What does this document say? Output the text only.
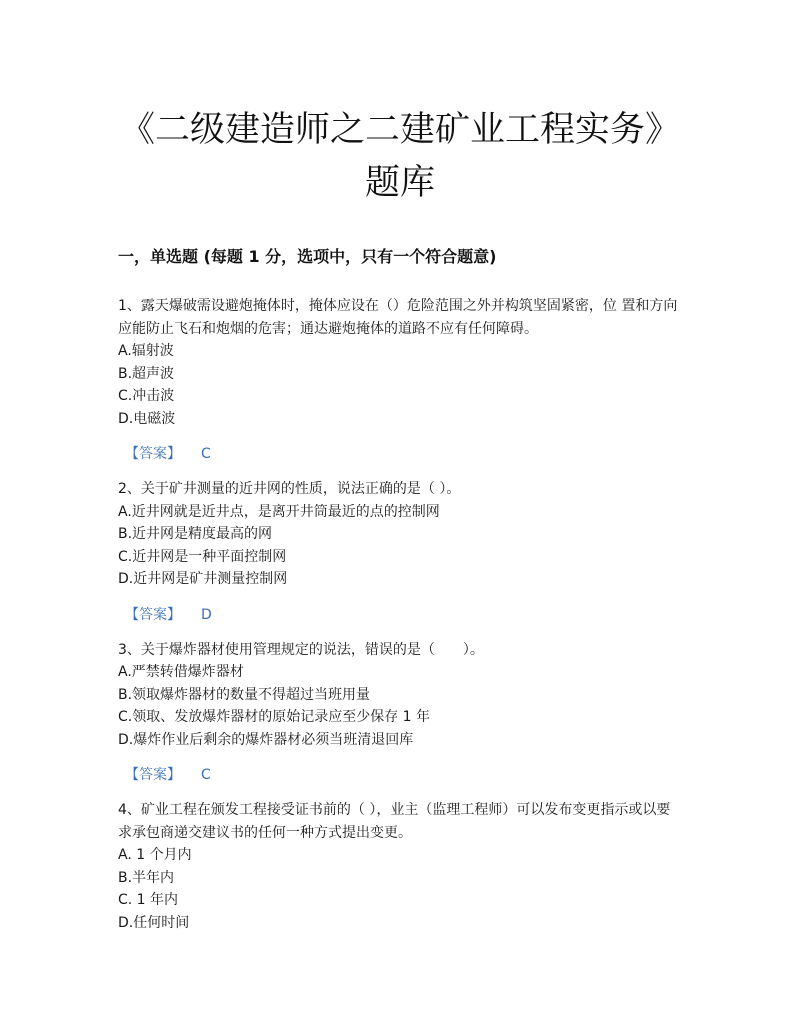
《二级建造师之二建矿业工程实务》
题库
一，单选题 (每题 1 分，选项中，只有一个符合题意)

1、露天爆破需设避炮掩体时，掩体应设在（）危险范围之外并构筑坚固紧密，位 置和方向应能防止飞石和炮烟的危害；通达避炮掩体的道路不应有任何障碍。

A.辐射波

B.超声波

C.冲击波

D.电磁波

【答案】 C

2、关于矿井测量的近井网的性质，说法正确的是（ ）。

A.近井网就是近井点，是离开井筒最近的点的控制网

B.近井网是精度最高的网

C.近井网是一种平面控制网

D.近井网是矿井测量控制网

【答案】 D

3、关于爆炸器材使用管理规定的说法，错误的是（　　）。

A.严禁转借爆炸器材

B.领取爆炸器材的数量不得超过当班用量

C.领取、发放爆炸器材的原始记录应至少保存 1 年

D.爆炸作业后剩余的爆炸器材必须当班清退回库

【答案】 C

4、矿业工程在颁发工程接受证书前的（ ），业主（监理工程师）可以发布变更指示或以要求承包商递交建议书的任何一种方式提出变更。

A. 1 个月内

B.半年内

C. 1 年内

D.任何时间
